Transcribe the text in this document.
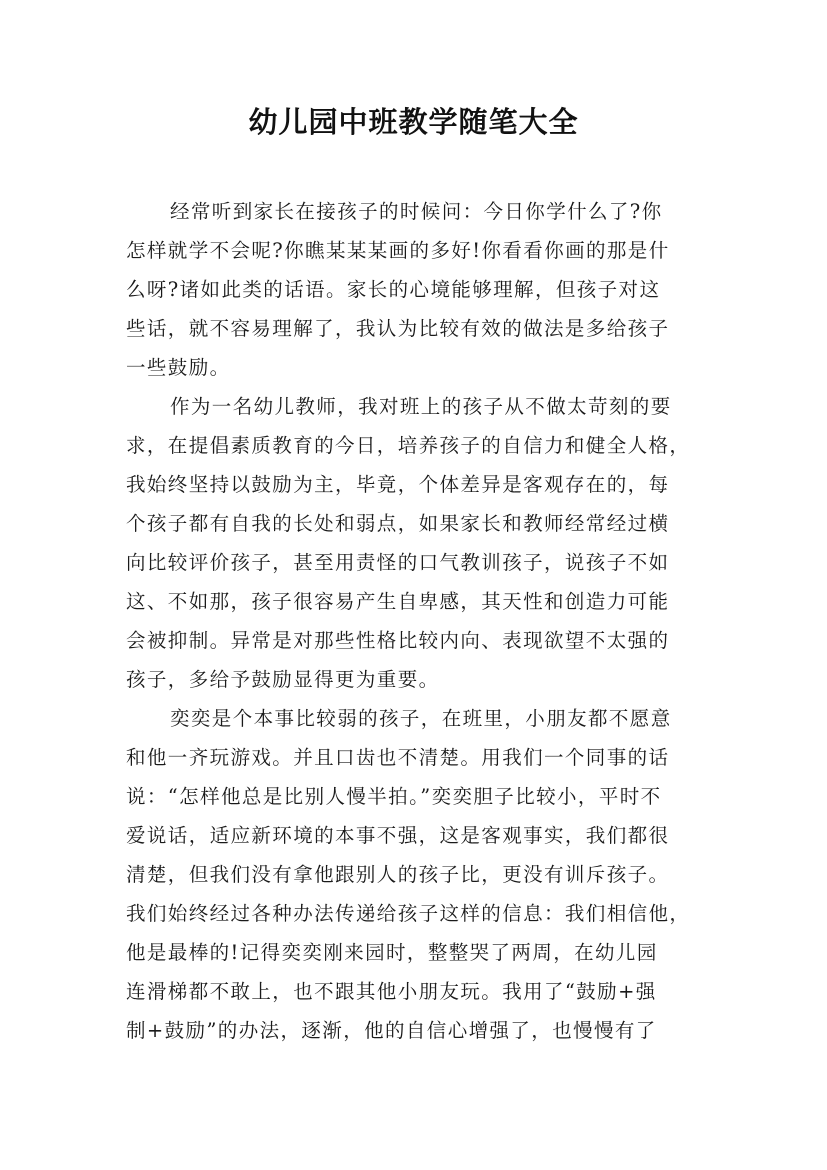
幼儿园中班教学随笔大全
经常听到家长在接孩子的时候问：今日你学什么了?你
怎样就学不会呢?你瞧某某某画的多好!你看看你画的那是什
么呀?诸如此类的话语。家长的心境能够理解，但孩子对这
些话，就不容易理解了，我认为比较有效的做法是多给孩子
一些鼓励。
作为一名幼儿教师，我对班上的孩子从不做太苛刻的要
求，在提倡素质教育的今日，培养孩子的自信力和健全人格，
我始终坚持以鼓励为主，毕竟，个体差异是客观存在的，每
个孩子都有自我的长处和弱点，如果家长和教师经常经过横
向比较评价孩子，甚至用责怪的口气教训孩子，说孩子不如
这、不如那，孩子很容易产生自卑感，其天性和创造力可能
会被抑制。异常是对那些性格比较内向、表现欲望不太强的
孩子，多给予鼓励显得更为重要。
奕奕是个本事比较弱的孩子，在班里，小朋友都不愿意
和他一齐玩游戏。并且口齿也不清楚。用我们一个同事的话
说：“怎样他总是比别人慢半拍。”奕奕胆子比较小，平时不
爱说话，适应新环境的本事不强，这是客观事实，我们都很
清楚，但我们没有拿他跟别人的孩子比，更没有训斥孩子。
我们始终经过各种办法传递给孩子这样的信息：我们相信他，
他是最棒的!记得奕奕刚来园时，整整哭了两周，在幼儿园
连滑梯都不敢上，也不跟其他小朋友玩。我用了“鼓励+强
制+鼓励”的办法，逐渐，他的自信心增强了，也慢慢有了
